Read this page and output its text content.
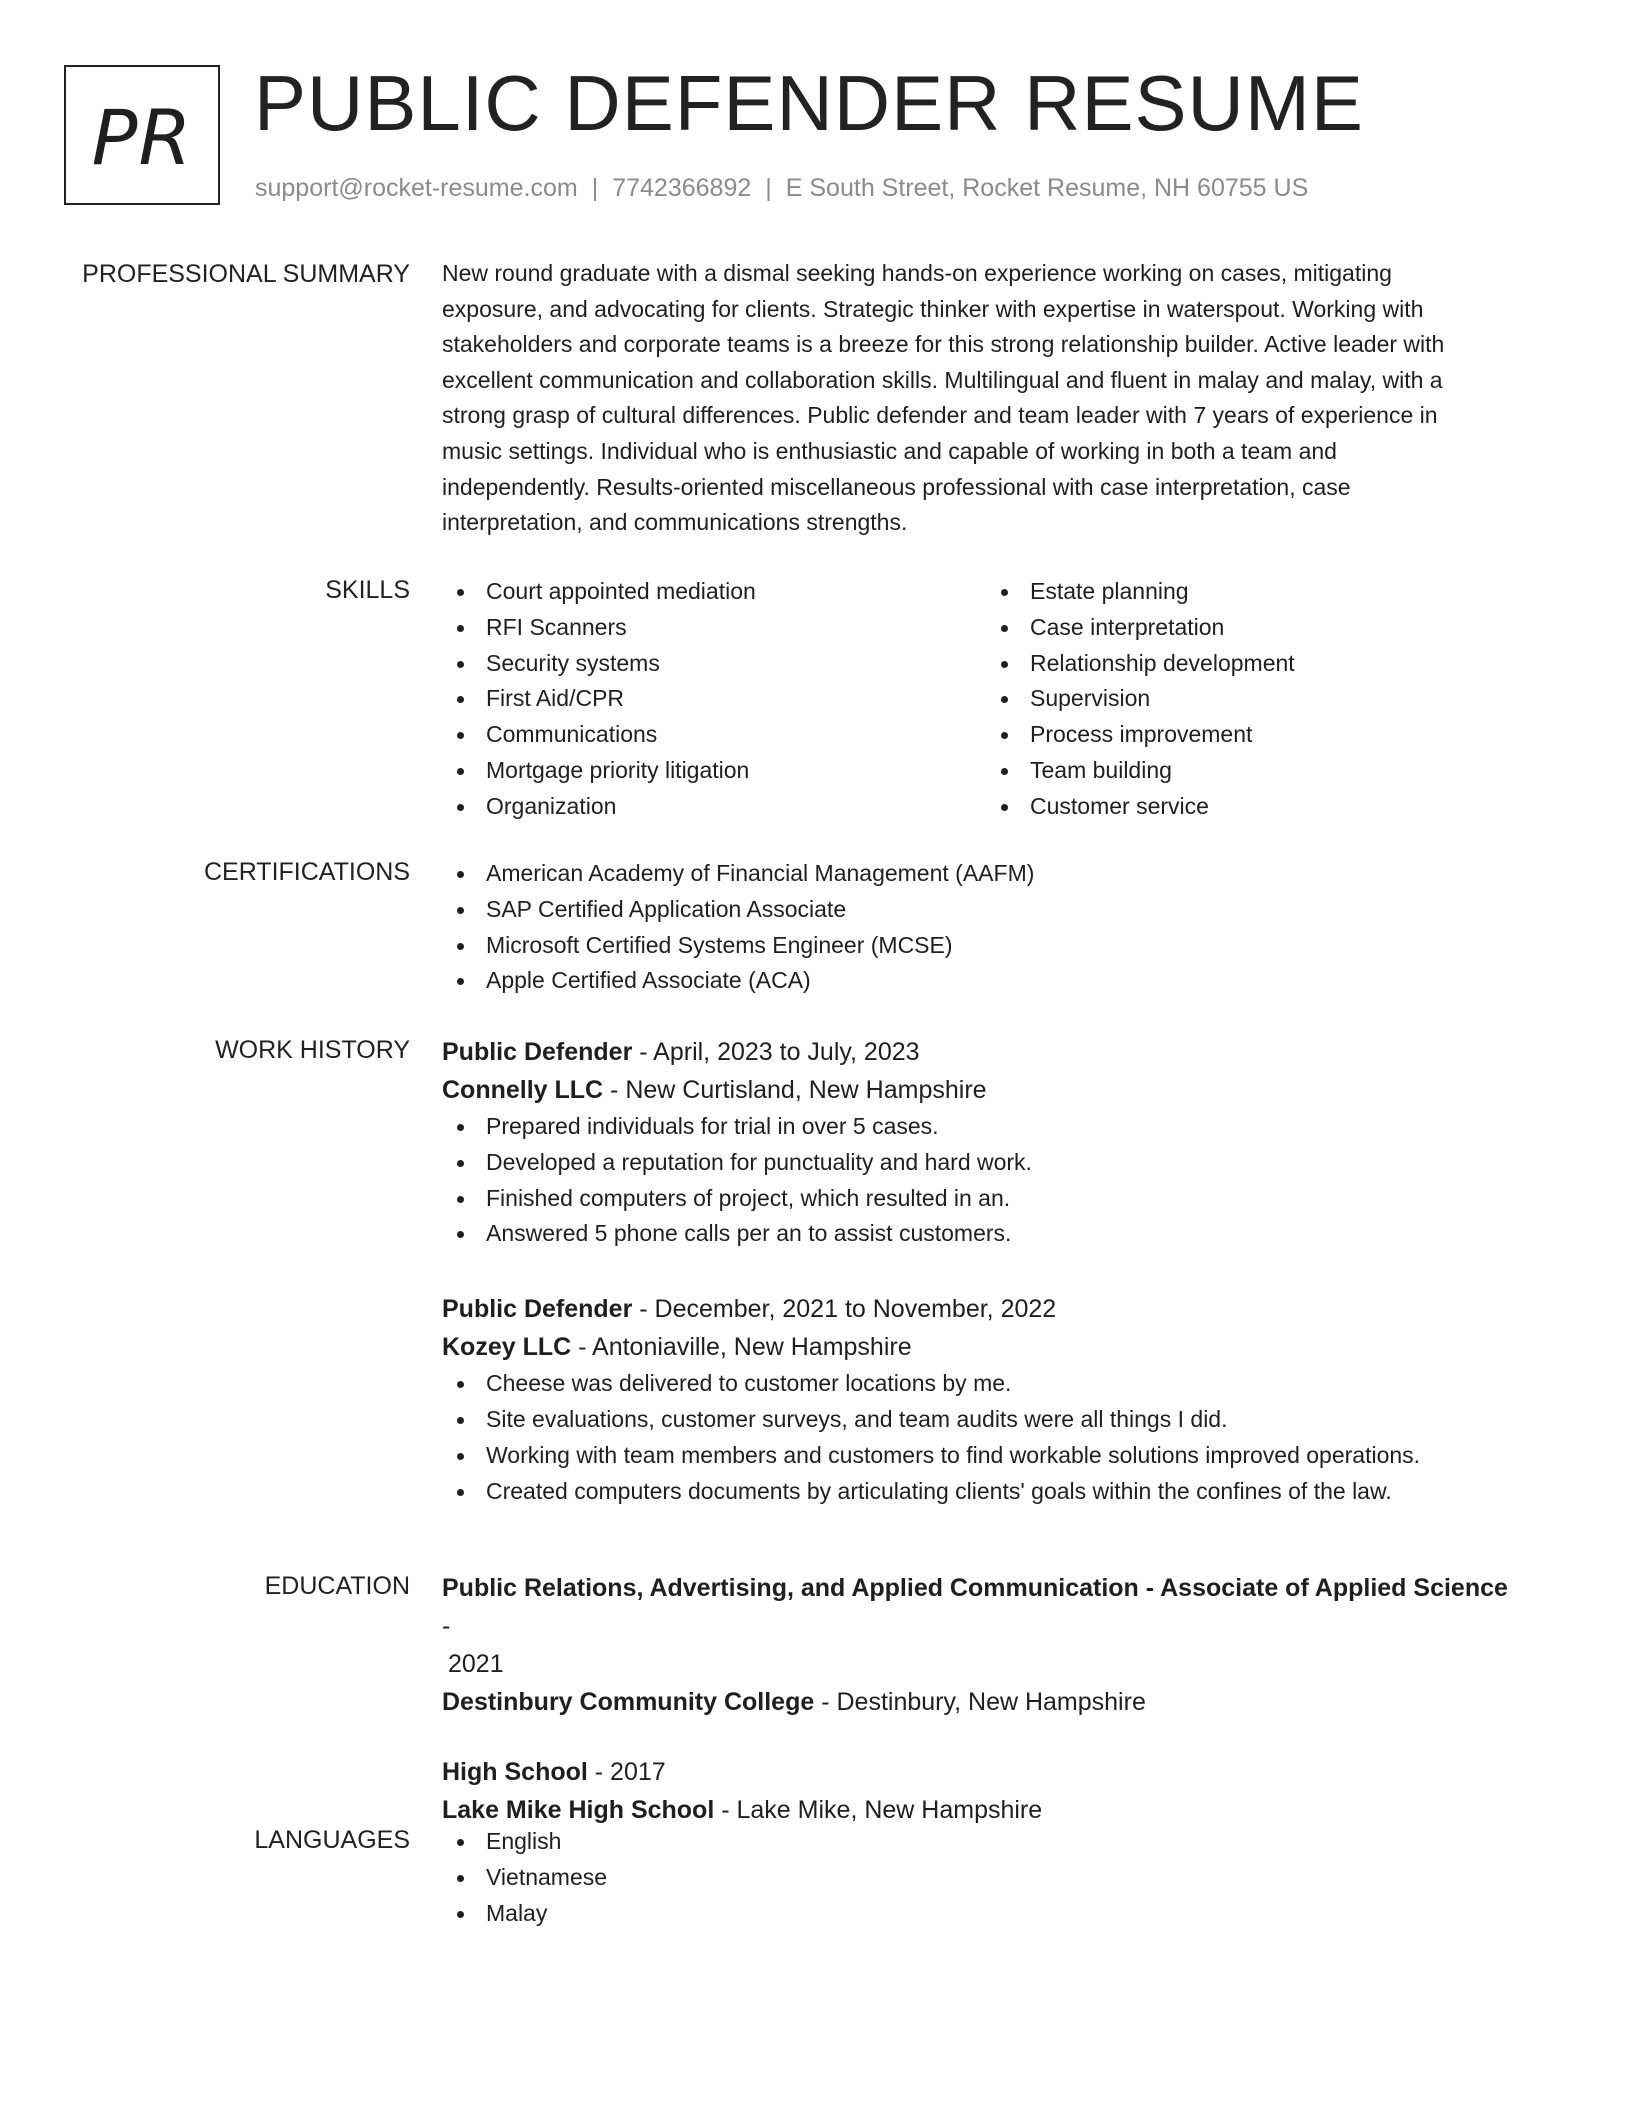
PR PUBLIC DEFENDER RESUME
support@rocket-resume.com | 7742366892 | E South Street, Rocket Resume, NH 60755 US
PROFESSIONAL SUMMARY New round graduate with a dismal seeking hands-on experience working on cases, mitigating
exposure, and advocating for clients. Strategic thinker with expertise in waterspout. Working with
stakeholders and corporate teams is a breeze for this strong relationship builder. Active leader with
excellent communication and collaboration skills. Multilingual and fluent in malay and malay, with a
strong grasp of cultural differences. Public defender and team leader with 7 years of experience in
music settings. Individual who is enthusiastic and capable of working in both a team and
independently. Results-oriented miscellaneous professional with case interpretation, case
interpretation, and communications strengths.

SKILLS	Court appointed mediation
RFI Scanners
Security systems
First Aid/CPR
Communications
Mortgage priority litigation
Organization
Estate planning
Case interpretation
Relationship development
Supervision
Process improvement
Team building
Customer service
CERTIFICATIONS	American Academy of Financial Management (AAFM)
SAP Certified Application Associate
Microsoft Certified Systems Engineer (MCSE)
Apple Certified Associate (ACA)
WORK HISTORY Public Defender - April, 2023 to July, 2023
Connelly LLC - New Curtisland, New Hampshire
Prepared individuals for trial in over 5 cases.
Developed a reputation for punctuality and hard work.
Finished computers of project, which resulted in an.
Answered 5 phone calls per an to assist customers.
Public Defender - December, 2021 to November, 2022
Kozey LLC - Antoniaville, New Hampshire
Cheese was delivered to customer locations by me.
Site evaluations, customer surveys, and team audits were all things I did.
Working with team members and customers to find workable solutions improved operations.
Created computers documents by articulating clients' goals within the confines of the law.
EDUCATION Public Relations, Advertising, and Applied Communication - Associate of Applied Science -
2021
Destinbury Community College - Destinbury, New Hampshire
High School - 2017
Lake Mike High School - Lake Mike, New Hampshire
LANGUAGES	English
Vietnamese
Malay
